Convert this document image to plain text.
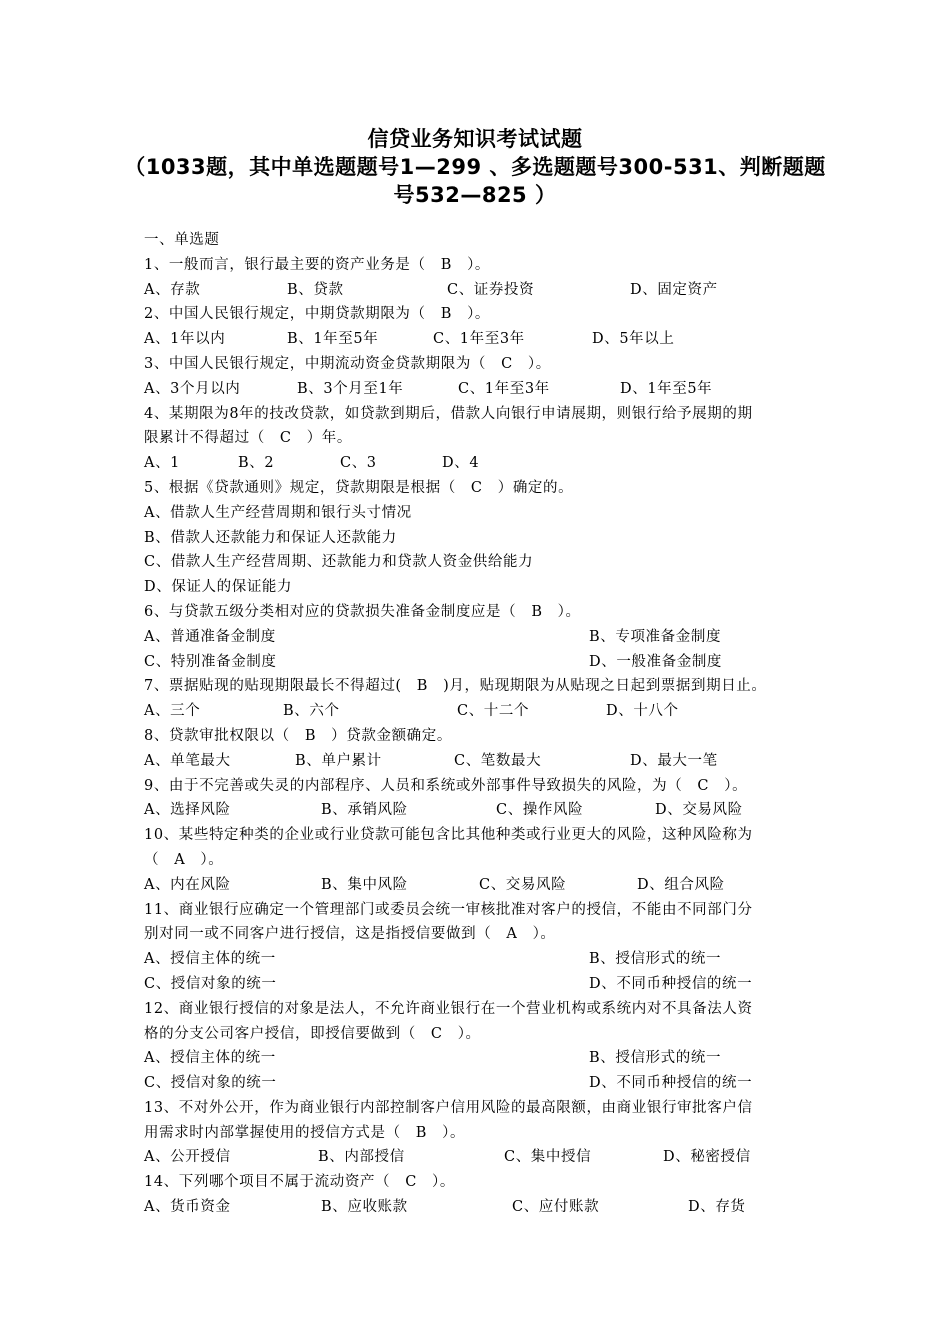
信贷业务知识考试试题
（1033题，其中单选题题号1—299 、多选题题号300-531、判断题题
号532—825 ）
一、单选题
1、一般而言，银行最主要的资产业务是（　B　）。
A、存款	B、贷款	C、证券投资	D、固定资产
2、中国人民银行规定，中期贷款期限为（　B　）。
A、1年以内	B、1年至5年	C、1年至3年	D、5年以上
3、中国人民银行规定，中期流动资金贷款期限为（　C　）。
A、3个月以内	B、3个月至1年	C、1年至3年	D、1年至5年
4、某期限为8年的技改贷款，如贷款到期后，借款人向银行申请展期，则银行给予展期的期
限累计不得超过（　C　）年。
A、1	B、2	C、3	D、4
5、根据《贷款通则》规定，贷款期限是根据（　C　）确定的。
A、借款人生产经营周期和银行头寸情况
B、借款人还款能力和保证人还款能力
C、借款人生产经营周期、还款能力和贷款人资金供给能力
D、保证人的保证能力
6、与贷款五级分类相对应的贷款损失准备金制度应是（　B　）。
A、普通准备金制度	B、专项准备金制度
C、特别准备金制度	D、一般准备金制度
7、票据贴现的贴现期限最长不得超过(　B　)月，贴现期限为从贴现之日起到票据到期日止。
A、三个	B、六个	C、十二个	D、十八个
8、贷款审批权限以（　B　）贷款金额确定。
A、单笔最大	B、单户累计	C、笔数最大	D、最大一笔
9、由于不完善或失灵的内部程序、人员和系统或外部事件导致损失的风险，为（　C　）。
A、选择风险	B、承销风险	C、操作风险	D、交易风险
10、某些特定种类的企业或行业贷款可能包含比其他种类或行业更大的风险，这种风险称为
（　A　）。
A、内在风险	B、集中风险	C、交易风险	D、组合风险
11、商业银行应确定一个管理部门或委员会统一审核批准对客户的授信，不能由不同部门分
别对同一或不同客户进行授信，这是指授信要做到（　A　）。
A、授信主体的统一	B、授信形式的统一
C、授信对象的统一	D、不同币种授信的统一
12、商业银行授信的对象是法人，不允许商业银行在一个营业机构或系统内对不具备法人资
格的分支公司客户授信，即授信要做到（　C　）。
A、授信主体的统一	B、授信形式的统一
C、授信对象的统一	D、不同币种授信的统一
13、不对外公开，作为商业银行内部控制客户信用风险的最高限额，由商业银行审批客户信
用需求时内部掌握使用的授信方式是（　B　）。
A、公开授信	B、内部授信	C、集中授信	D、秘密授信
14、下列哪个项目不属于流动资产（　C　）。
A、货币资金	B、应收账款	C、应付账款	D、存货
